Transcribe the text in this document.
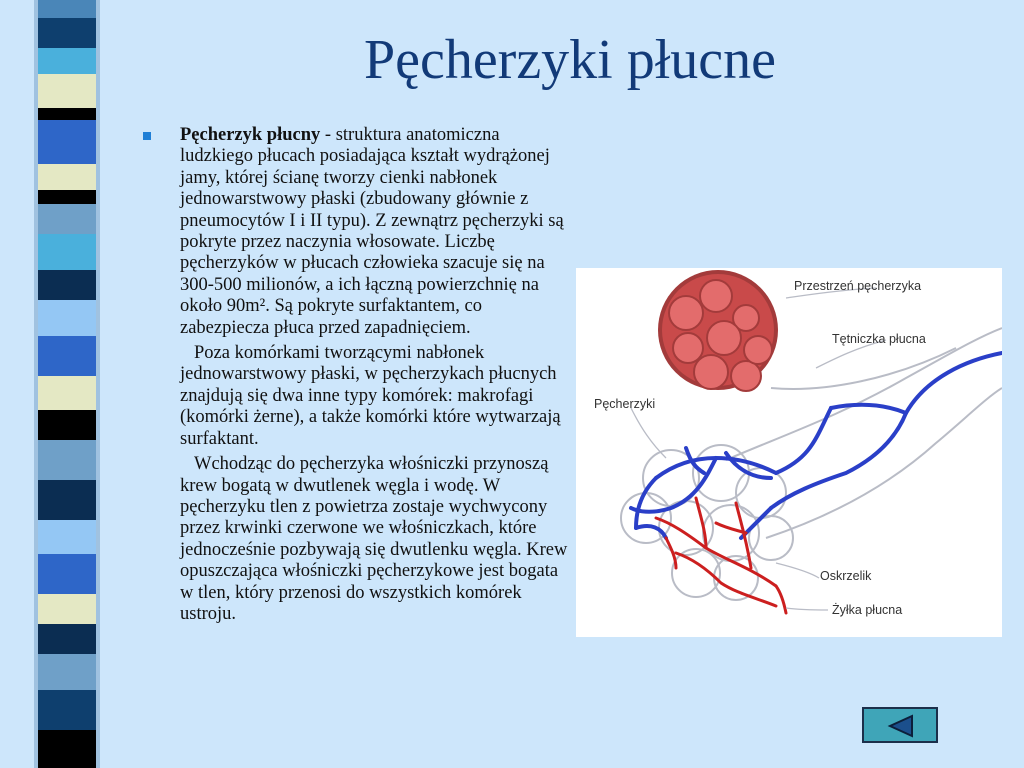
Pęcherzyki płucne

Pęcherzyk płucny - struktura anatomiczna ludzkiego płucach posiadająca kształt wydrążonej jamy, której ścianę tworzy cienki nabłonek jednowarstwowy płaski (zbudowany głównie z pneumocytów I i II typu). Z zewnątrz pęcherzyki są pokryte przez naczynia włosowate. Liczbę pęcherzyków w płucach człowieka szacuje się na 300-500 milionów, a ich łączną powierzchnię na około 90m². Są pokryte surfaktantem, co zabezpiecza płuca przed zapadnięciem.

Poza komórkami tworzącymi nabłonek jednowarstwowy płaski, w pęcherzykach płucnych znajdują się dwa inne typy komórek: makrofagi (komórki żerne), a także komórki które wytwarzają surfaktant.

Wchodząc do pęcherzyka włośniczki przynoszą krew bogatą w dwutlenek węgla i wodę. W pęcherzyku tlen z powietrza zostaje wychwycony przez krwinki czerwone we włośniczkach, które jednocześnie pozbywają się dwutlenku węgla. Krew opuszczająca włośniczki pęcherzykowe jest bogata w tlen, który przenosi do wszystkich komórek ustroju.

Przestrzeń pęcherzyka
Tętniczka płucna
Pęcherzyki
Oskrzelik
Żyłka płucna
